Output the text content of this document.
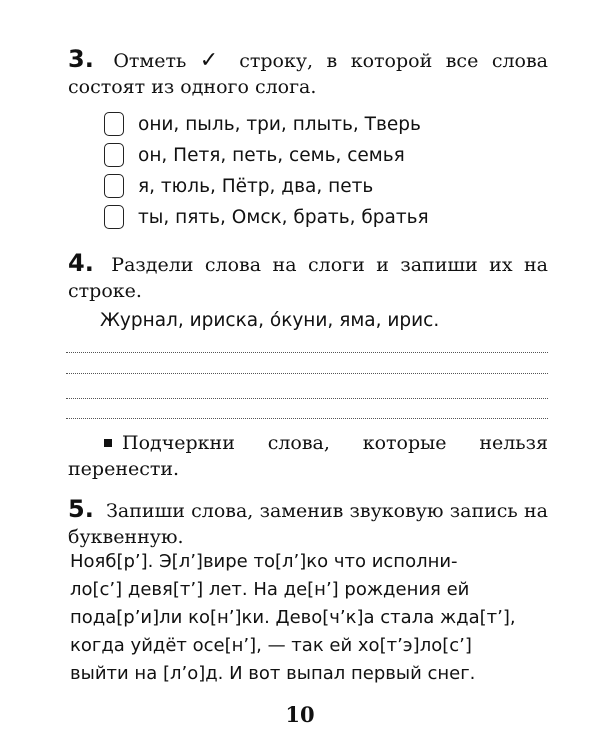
3. Отметь ✓ строку, в которой все слова состоят из одного слога.
они, пыль, три, плыть, Тверь
он, Петя, петь, семь, семья
я, тюль, Пётр, два, петь
ты, пять, Омск, брать, братья
4. Раздели слова на слоги и запиши их на строке.
Журнал, ириска, óкуни, яма, ирис.
Подчеркни слова, которые нельзя перенести.
5. Запиши слова, заменив звуковую запись на буквенную.
Нояб[р’]. Э[л’]вире то[л’]ко что исполни-
ло[с’] девя[т’] лет. На де[н’] рождения ей
пода[р’и]ли ко[н’]ки. Дево[ч’к]а стала жда[т’],
когда уйдёт осе[н’], — так ей хо[т’э]ло[с’]
выйти на [л’о]д. И вот выпал первый снег.
10
